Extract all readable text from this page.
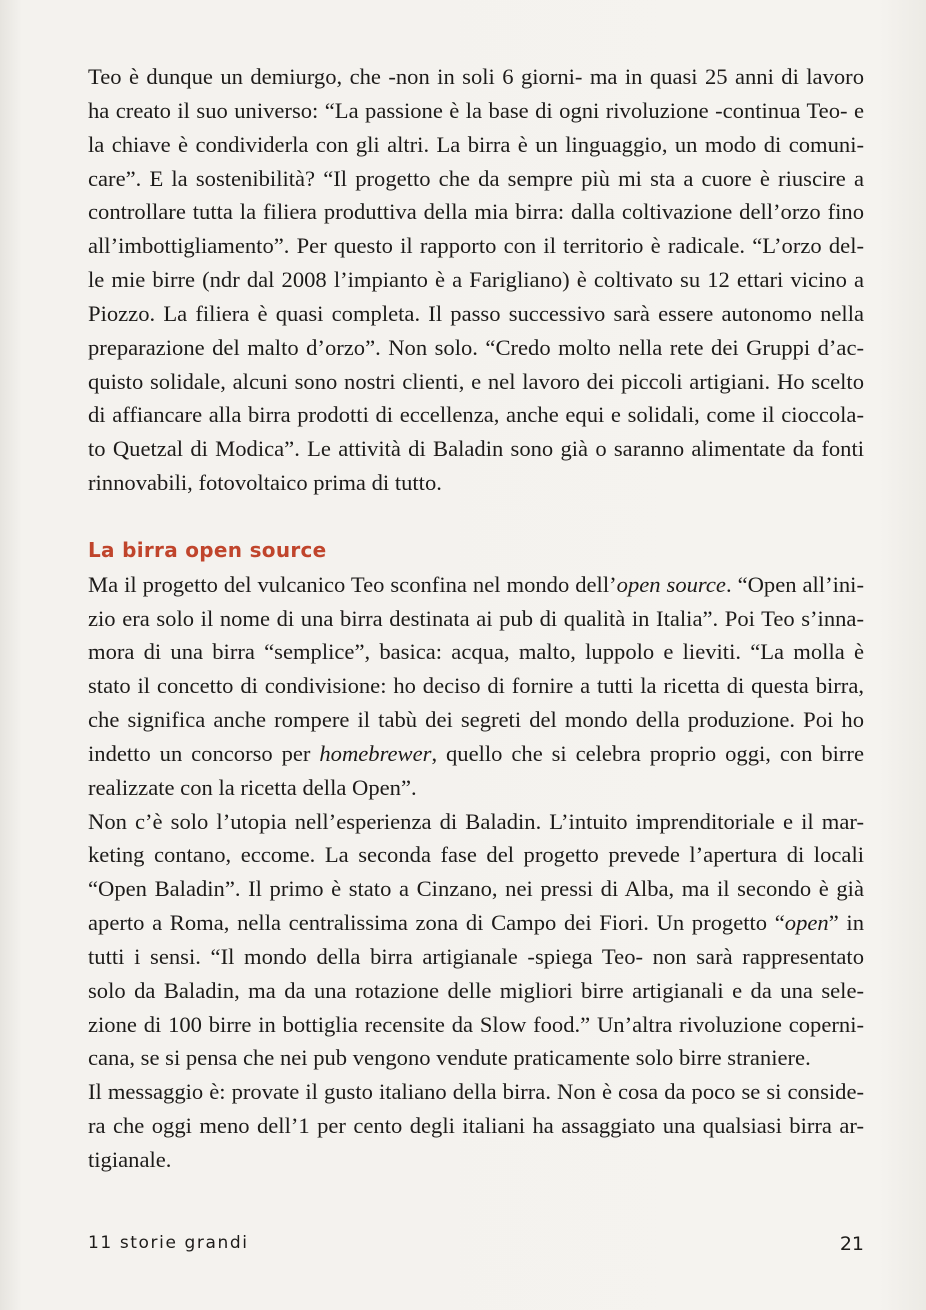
Teo è dunque un demiurgo, che -non in soli 6 giorni- ma in quasi 25 anni di lavoro
ha creato il suo universo: “La passione è la base di ogni rivoluzione -continua Teo- e
la chiave è condividerla con gli altri. La birra è un linguaggio, un modo di comuni-
care”. E la sostenibilità? “Il progetto che da sempre più mi sta a cuore è riuscire a
controllare tutta la filiera produttiva della mia birra: dalla coltivazione dell’orzo fino
all’imbottigliamento”. Per questo il rapporto con il territorio è radicale. “L’orzo del-
le mie birre (ndr dal 2008 l’impianto è a Farigliano) è coltivato su 12 ettari vicino a
Piozzo. La filiera è quasi completa. Il passo successivo sarà essere autonomo nella
preparazione del malto d’orzo”. Non solo. “Credo molto nella rete dei Gruppi d’ac-
quisto solidale, alcuni sono nostri clienti, e nel lavoro dei piccoli artigiani. Ho scelto
di affiancare alla birra prodotti di eccellenza, anche equi e solidali, come il cioccola-
to Quetzal di Modica”. Le attività di Baladin sono già o saranno alimentate da fonti
rinnovabili, fotovoltaico prima di tutto.
La birra open source
Ma il progetto del vulcanico Teo sconfina nel mondo dell’open source. “Open all’ini-
zio era solo il nome di una birra destinata ai pub di qualità in Italia”. Poi Teo s’inna-
mora di una birra “semplice”, basica: acqua, malto, luppolo e lieviti. “La molla è
stato il concetto di condivisione: ho deciso di fornire a tutti la ricetta di questa birra,
che significa anche rompere il tabù dei segreti del mondo della produzione. Poi ho
indetto un concorso per homebrewer, quello che si celebra proprio oggi, con birre
realizzate con la ricetta della Open”.
Non c’è solo l’utopia nell’esperienza di Baladin. L’intuito imprenditoriale e il mar-
keting contano, eccome. La seconda fase del progetto prevede l’apertura di locali
“Open Baladin”. Il primo è stato a Cinzano, nei pressi di Alba, ma il secondo è già
aperto a Roma, nella centralissima zona di Campo dei Fiori. Un progetto “open” in
tutti i sensi. “Il mondo della birra artigianale -spiega Teo- non sarà rappresentato
solo da Baladin, ma da una rotazione delle migliori birre artigianali e da una sele-
zione di 100 birre in bottiglia recensite da Slow food.” Un’altra rivoluzione coperni-
cana, se si pensa che nei pub vengono vendute praticamente solo birre straniere.
Il messaggio è: provate il gusto italiano della birra. Non è cosa da poco se si conside-
ra che oggi meno dell’1 per cento degli italiani ha assaggiato una qualsiasi birra ar-
tigianale.
11 storie grandi	21
